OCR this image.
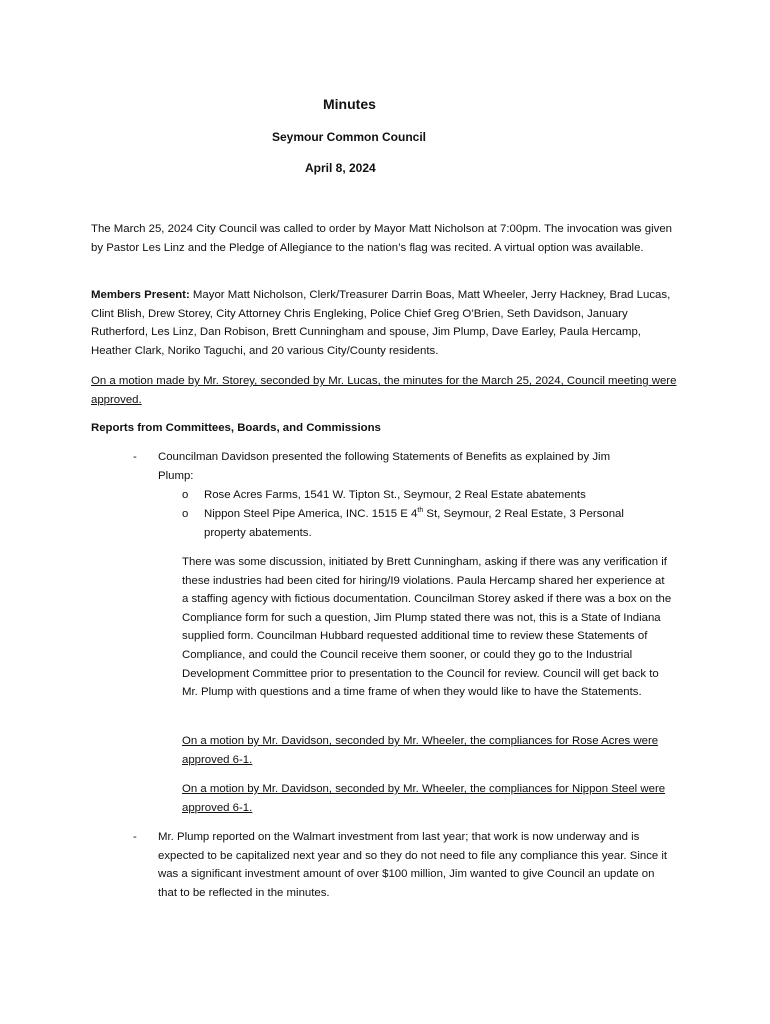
Minutes
Seymour Common Council
April 8, 2024

The March 25, 2024 City Council was called to order by Mayor Matt Nicholson at 7:00pm. The invocation was given by Pastor Les Linz and the Pledge of Allegiance to the nation’s flag was recited. A virtual option was available.

Members Present: Mayor Matt Nicholson, Clerk/Treasurer Darrin Boas, Matt Wheeler, Jerry Hackney, Brad Lucas, Clint Blish, Drew Storey, City Attorney Chris Engleking, Police Chief Greg O’Brien, Seth Davidson, January Rutherford, Les Linz, Dan Robison, Brett Cunningham and spouse, Jim Plump, Dave Earley, Paula Hercamp, Heather Clark, Noriko Taguchi, and 20 various City/County residents.

On a motion made by Mr. Storey, seconded by Mr. Lucas, the minutes for the March 25, 2024, Council meeting were approved.

Reports from Committees, Boards, and Commissions

- Councilman Davidson presented the following Statements of Benefits as explained by Jim Plump:

o Rose Acres Farms, 1541 W. Tipton St., Seymour, 2 Real Estate abatements

o Nippon Steel Pipe America, INC. 1515 E 4th St, Seymour, 2 Real Estate, 3 Personal property abatements.

There was some discussion, initiated by Brett Cunningham, asking if there was any verification if these industries had been cited for hiring/I9 violations. Paula Hercamp shared her experience at a staffing agency with fictious documentation. Councilman Storey asked if there was a box on the Compliance form for such a question, Jim Plump stated there was not, this is a State of Indiana supplied form. Councilman Hubbard requested additional time to review these Statements of Compliance, and could the Council receive them sooner, or could they go to the Industrial Development Committee prior to presentation to the Council for review. Council will get back to Mr. Plump with questions and a time frame of when they would like to have the Statements.

On a motion by Mr. Davidson, seconded by Mr. Wheeler, the compliances for Rose Acres were approved 6-1.

On a motion by Mr. Davidson, seconded by Mr. Wheeler, the compliances for Nippon Steel were approved 6-1.

- Mr. Plump reported on the Walmart investment from last year; that work is now underway and is expected to be capitalized next year and so they do not need to file any compliance this year. Since it was a significant investment amount of over $100 million, Jim wanted to give Council an update on that to be reflected in the minutes.
